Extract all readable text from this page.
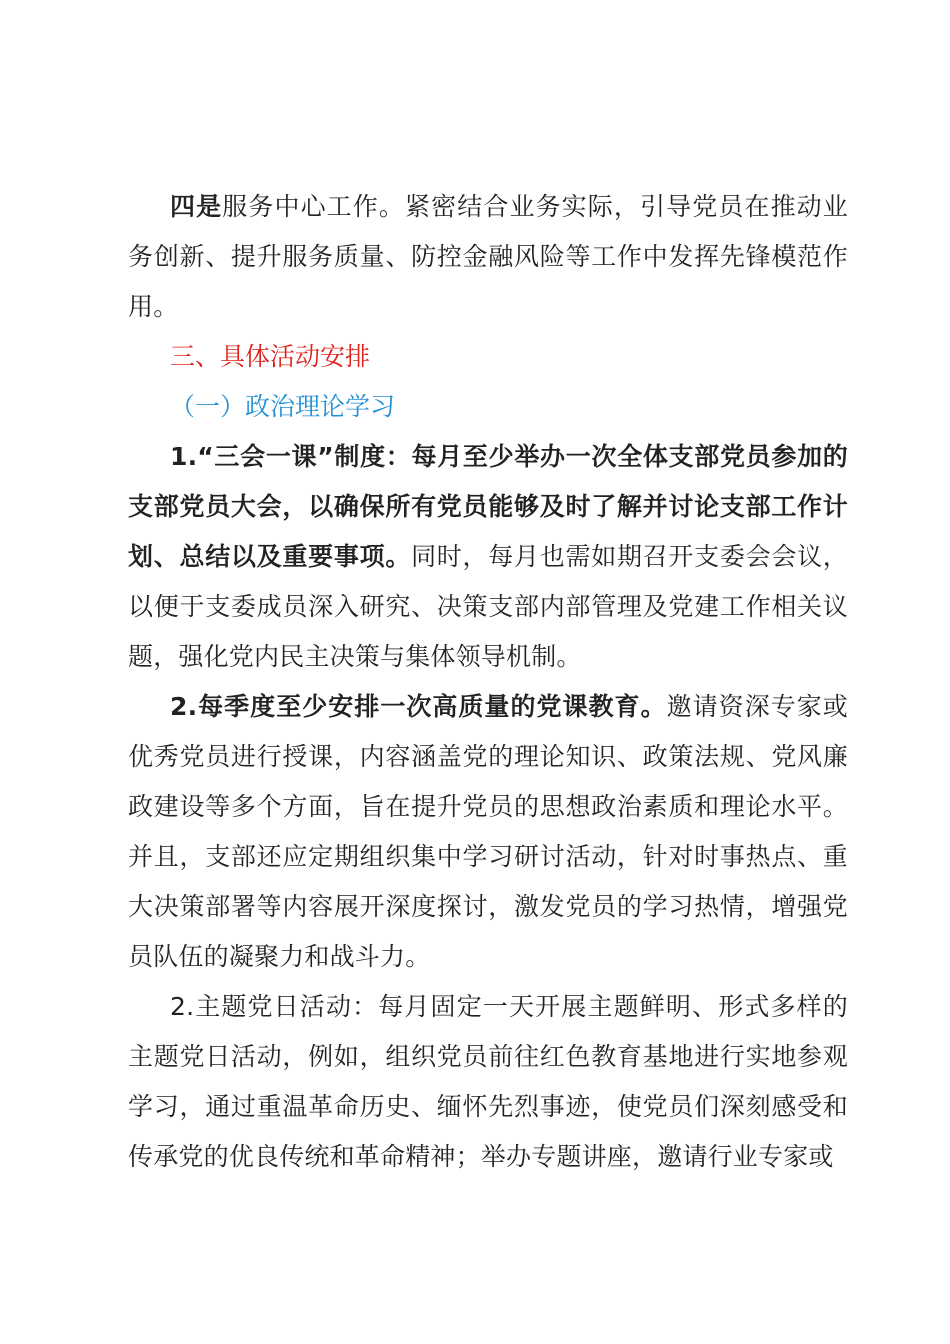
四是服务中心工作。紧密结合业务实际，引导党员在推动业务创新、提升服务质量、防控金融风险等工作中发挥先锋模范作用。

三、具体活动安排

（一）政治理论学习

1.“三会一课”制度：每月至少举办一次全体支部党员参加的支部党员大会，以确保所有党员能够及时了解并讨论支部工作计划、总结以及重要事项。同时，每月也需如期召开支委会会议，以便于支委成员深入研究、决策支部内部管理及党建工作相关议题，强化党内民主决策与集体领导机制。

2.每季度至少安排一次高质量的党课教育。邀请资深专家或优秀党员进行授课，内容涵盖党的理论知识、政策法规、党风廉政建设等多个方面，旨在提升党员的思想政治素质和理论水平。并且，支部还应定期组织集中学习研讨活动，针对时事热点、重大决策部署等内容展开深度探讨，激发党员的学习热情，增强党员队伍的凝聚力和战斗力。

2.主题党日活动：每月固定一天开展主题鲜明、形式多样的主题党日活动，例如，组织党员前往红色教育基地进行实地参观学习，通过重温革命历史、缅怀先烈事迹，使党员们深刻感受和传承党的优良传统和革命精神；举办专题讲座，邀请行业专家或
